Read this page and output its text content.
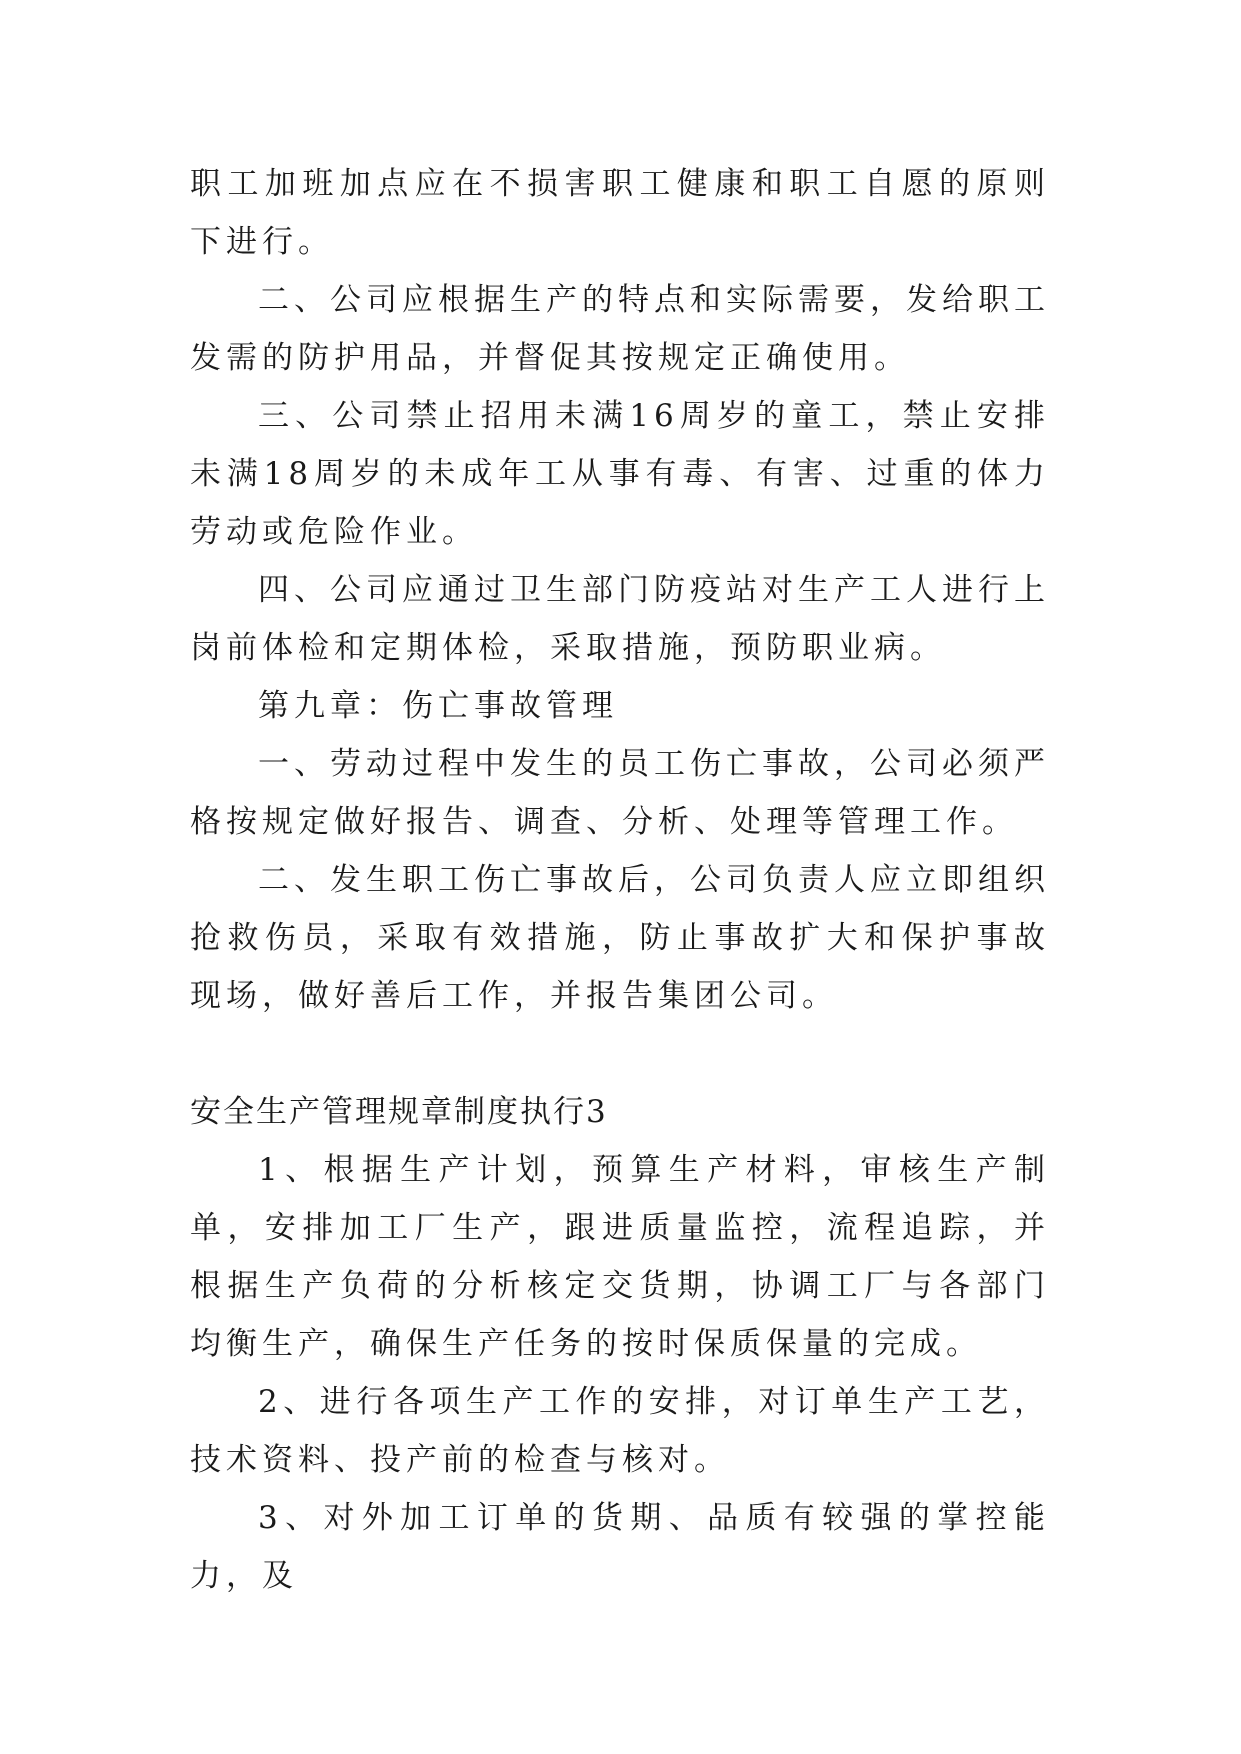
职工加班加点应在不损害职工健康和职工自愿的原则下进行。

二、公司应根据生产的特点和实际需要，发给职工发需的防护用品，并督促其按规定正确使用。

三、公司禁止招用未满16周岁的童工，禁止安排未满18周岁的未成年工从事有毒、有害、过重的体力劳动或危险作业。

四、公司应通过卫生部门防疫站对生产工人进行上岗前体检和定期体检，采取措施，预防职业病。

第九章：伤亡事故管理

一、劳动过程中发生的员工伤亡事故，公司必须严格按规定做好报告、调查、分析、处理等管理工作。

二、发生职工伤亡事故后，公司负责人应立即组织抢救伤员，采取有效措施，防止事故扩大和保护事故现场，做好善后工作，并报告集团公司。

安全生产管理规章制度执行3

1、根据生产计划，预算生产材料，审核生产制单，安排加工厂生产，跟进质量监控，流程追踪，并根据生产负荷的分析核定交货期，协调工厂与各部门均衡生产，确保生产任务的按时保质保量的完成。

2、进行各项生产工作的安排，对订单生产工艺，技术资料、投产前的检查与核对。

3、对外加工订单的货期、品质有较强的掌控能力，及
